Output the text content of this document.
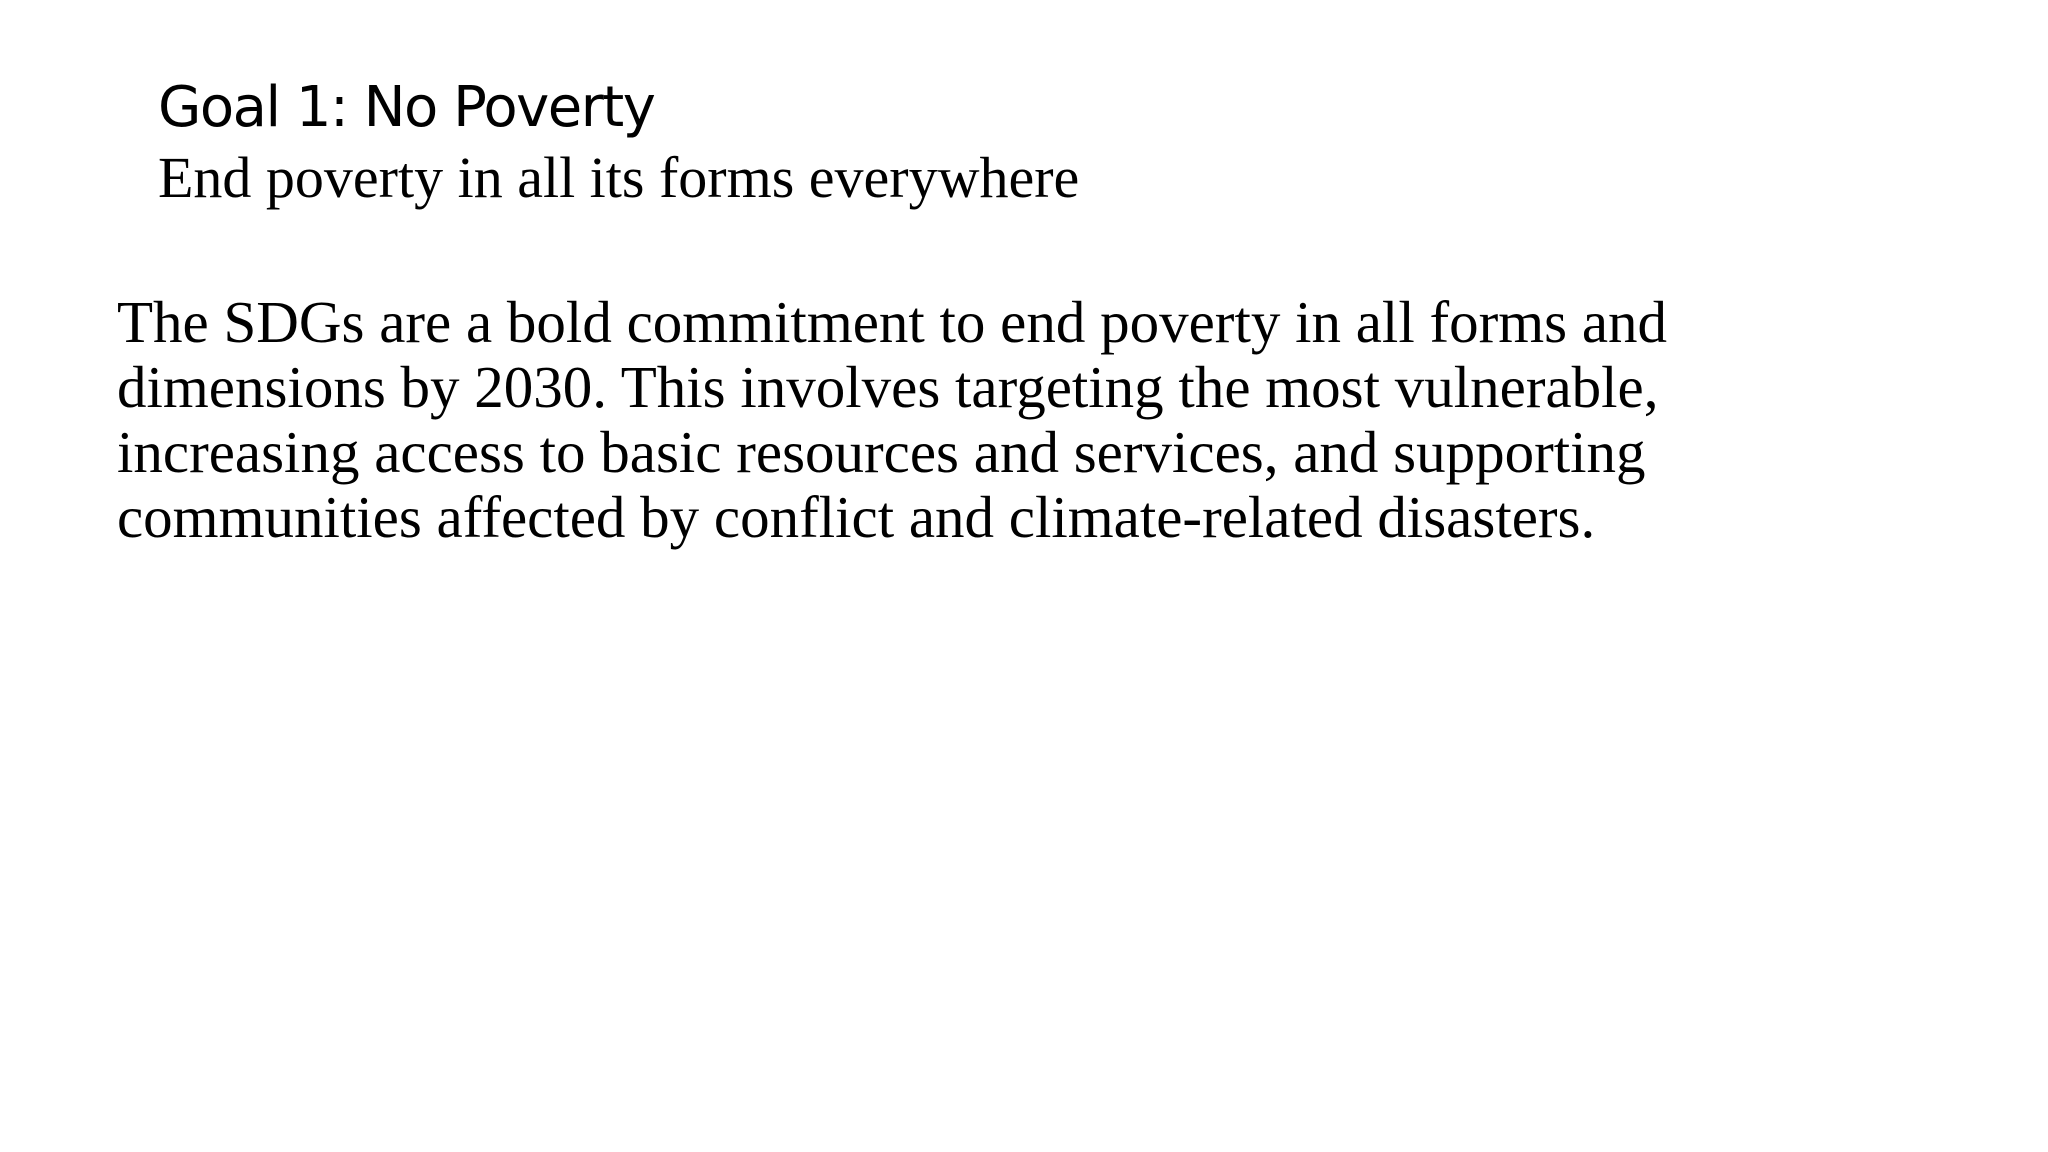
Goal 1: No Poverty

End poverty in all its forms everywhere

The SDGs are a bold commitment to end poverty in all forms and
dimensions by 2030. This involves targeting the most vulnerable,
increasing access to basic resources and services, and supporting
communities affected by conflict and climate-related disasters.
